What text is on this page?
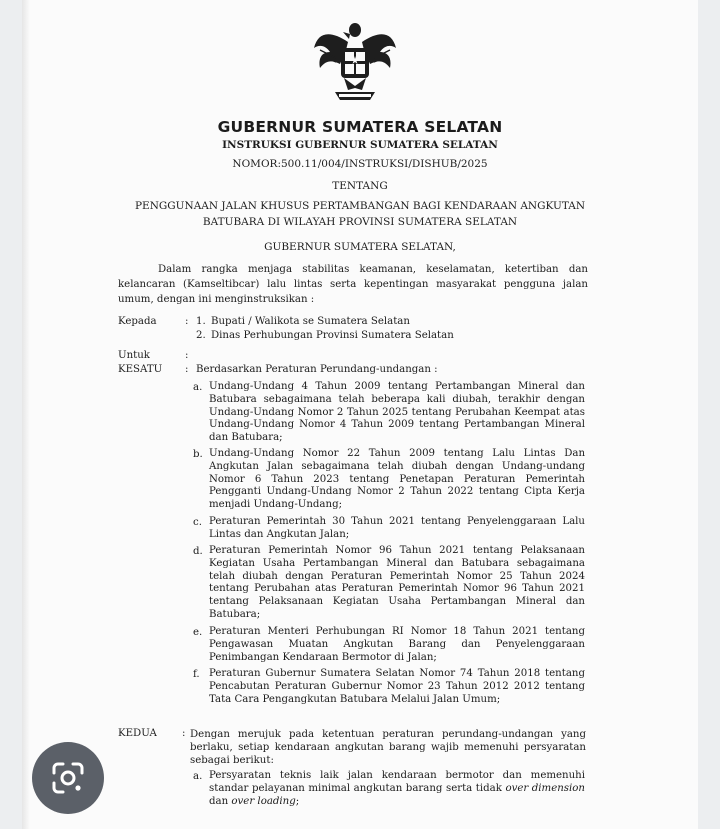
GUBERNUR SUMATERA SELATAN
INSTRUKSI GUBERNUR SUMATERA SELATAN
NOMOR:500.11/004/INSTRUKSI/DISHUB/2025
TENTANG
PENGGUNAAN JALAN KHUSUS PERTAMBANGAN BAGI KENDARAAN ANGKUTAN
BATUBARA DI WILAYAH PROVINSI SUMATERA SELATAN
GUBERNUR SUMATERA SELATAN,
Dalam rangka menjaga stabilitas keamanan, keselamatan, ketertiban dan kelancaran (Kamseltibcar) lalu lintas serta kepentingan masyarakat pengguna jalan umum, dengan ini menginstruksikan :
Kepada	: 1. Bupati / Walikota se Sumatera Selatan
2. Dinas Perhubungan Provinsi Sumatera Selatan
Untuk	:
KESATU : Berdasarkan Peraturan Perundang-undangan :
a. Undang-Undang 4 Tahun 2009 tentang Pertambangan Mineral dan Batubara sebagaimana telah beberapa kali diubah, terakhir dengan Undang-Undang Nomor 2 Tahun 2025 tentang Perubahan Keempat atas Undang-Undang Nomor 4 Tahun 2009 tentang Pertambangan Mineral dan Batubara;
b. Undang-Undang Nomor 22 Tahun 2009 tentang Lalu Lintas Dan Angkutan Jalan sebagaimana telah diubah dengan Undang-undang Nomor 6 Tahun 2023 tentang Penetapan Peraturan Pemerintah Pengganti Undang-Undang Nomor 2 Tahun 2022 tentang Cipta Kerja menjadi Undang-Undang;
c. Peraturan Pemerintah 30 Tahun 2021 tentang Penyelenggaraan Lalu Lintas dan Angkutan Jalan;
d. Peraturan Pemerintah Nomor 96 Tahun 2021 tentang Pelaksanaan Kegiatan Usaha Pertambangan Mineral dan Batubara sebagaimana telah diubah dengan Peraturan Pemerintah Nomor 25 Tahun 2024 tentang Perubahan atas Peraturan Pemerintah Nomor 96 Tahun 2021 tentang Pelaksanaan Kegiatan Usaha Pertambangan Mineral dan Batubara;
e. Peraturan Menteri Perhubungan RI Nomor 18 Tahun 2021 tentang Pengawasan Muatan Angkutan Barang dan Penyelenggaraan Penimbangan Kendaraan Bermotor di Jalan;
f. Peraturan Gubernur Sumatera Selatan Nomor 74 Tahun 2018 tentang Pencabutan Peraturan Gubernur Nomor 23 Tahun 2012 2012 tentang Tata Cara Pengangkutan Batubara Melalui Jalan Umum;
KEDUA : Dengan merujuk pada ketentuan peraturan perundang-undangan yang berlaku, setiap kendaraan angkutan barang wajib memenuhi persyaratan sebagai berikut:
a. Persyaratan teknis laik jalan kendaraan bermotor dan memenuhi standar pelayanan minimal angkutan barang serta tidak over dimension dan over loading;
